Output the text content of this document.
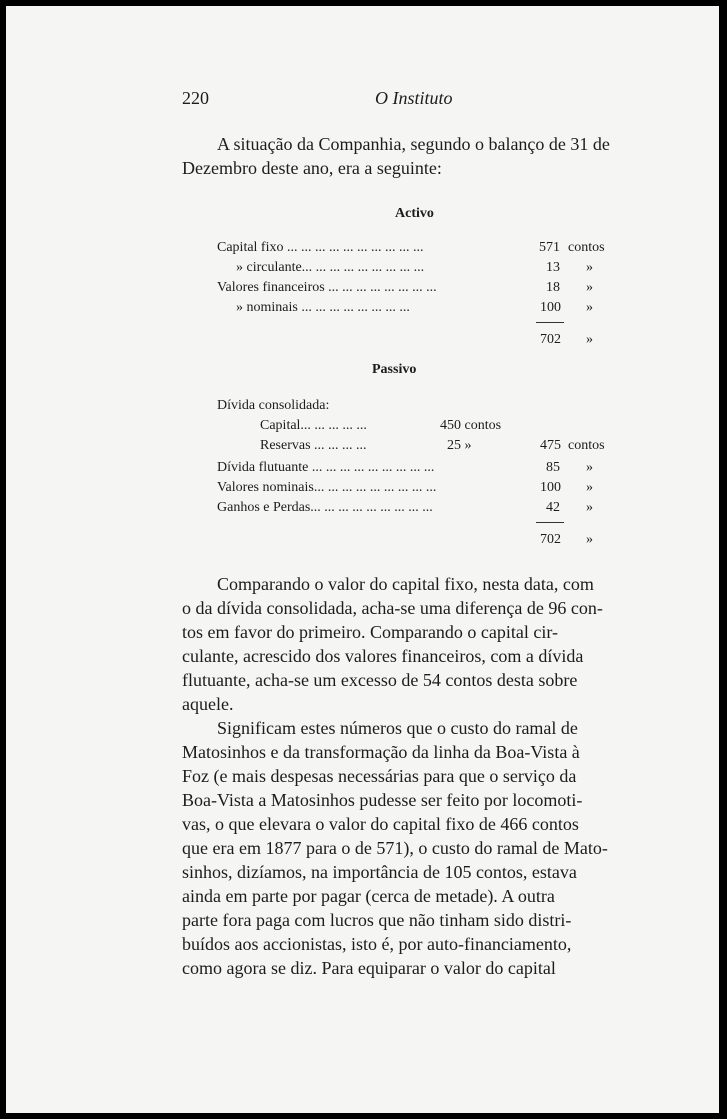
220	O Instituto
A situação da Companhia, segundo o balanço de 31 de
Dezembro deste ano, era a seguinte:
Activo
Capital fixo ... ... ... ... ... ... ... ... ... ...	571 contos
» circulante... ... ... ... ... ... ... ... ...	13 »
Valores financeiros ... ... ... ... ... ... ... ...	18 »
» nominais ... ... ... ... ... ... ... ...	100 »
702 »
Passivo
Dívida consolidada:
Capital... ... ... ... ...	450 contos
Reservas ... ... ... ...	25 »	475 contos
Dívida flutuante ... ... ... ... ... ... ... ... ...	85 »
Valores nominais... ... ... ... ... ... ... ... ...	100 »
Ganhos e Perdas... ... ... ... ... ... ... ... ...	42 »
702 »
Comparando o valor do capital fixo, nesta data, com
o da dívida consolidada, acha-se uma diferença de 96 con-
tos em favor do primeiro. Comparando o capital cir-
culante, acrescido dos valores financeiros, com a dívida
flutuante, acha-se um excesso de 54 contos desta sobre
aquele.
Significam estes números que o custo do ramal de
Matosinhos e da transformação da linha da Boa-Vista à
Foz (e mais despesas necessárias para que o serviço da
Boa-Vista a Matosinhos pudesse ser feito por locomoti-
vas, o que elevara o valor do capital fixo de 466 contos
que era em 1877 para o de 571), o custo do ramal de Mato-
sinhos, dizíamos, na importância de 105 contos, estava
ainda em parte por pagar (cerca de metade). A outra
parte fora paga com lucros que não tinham sido distri-
buídos aos accionistas, isto é, por auto-financiamento,
como agora se diz. Para equiparar o valor do capital
